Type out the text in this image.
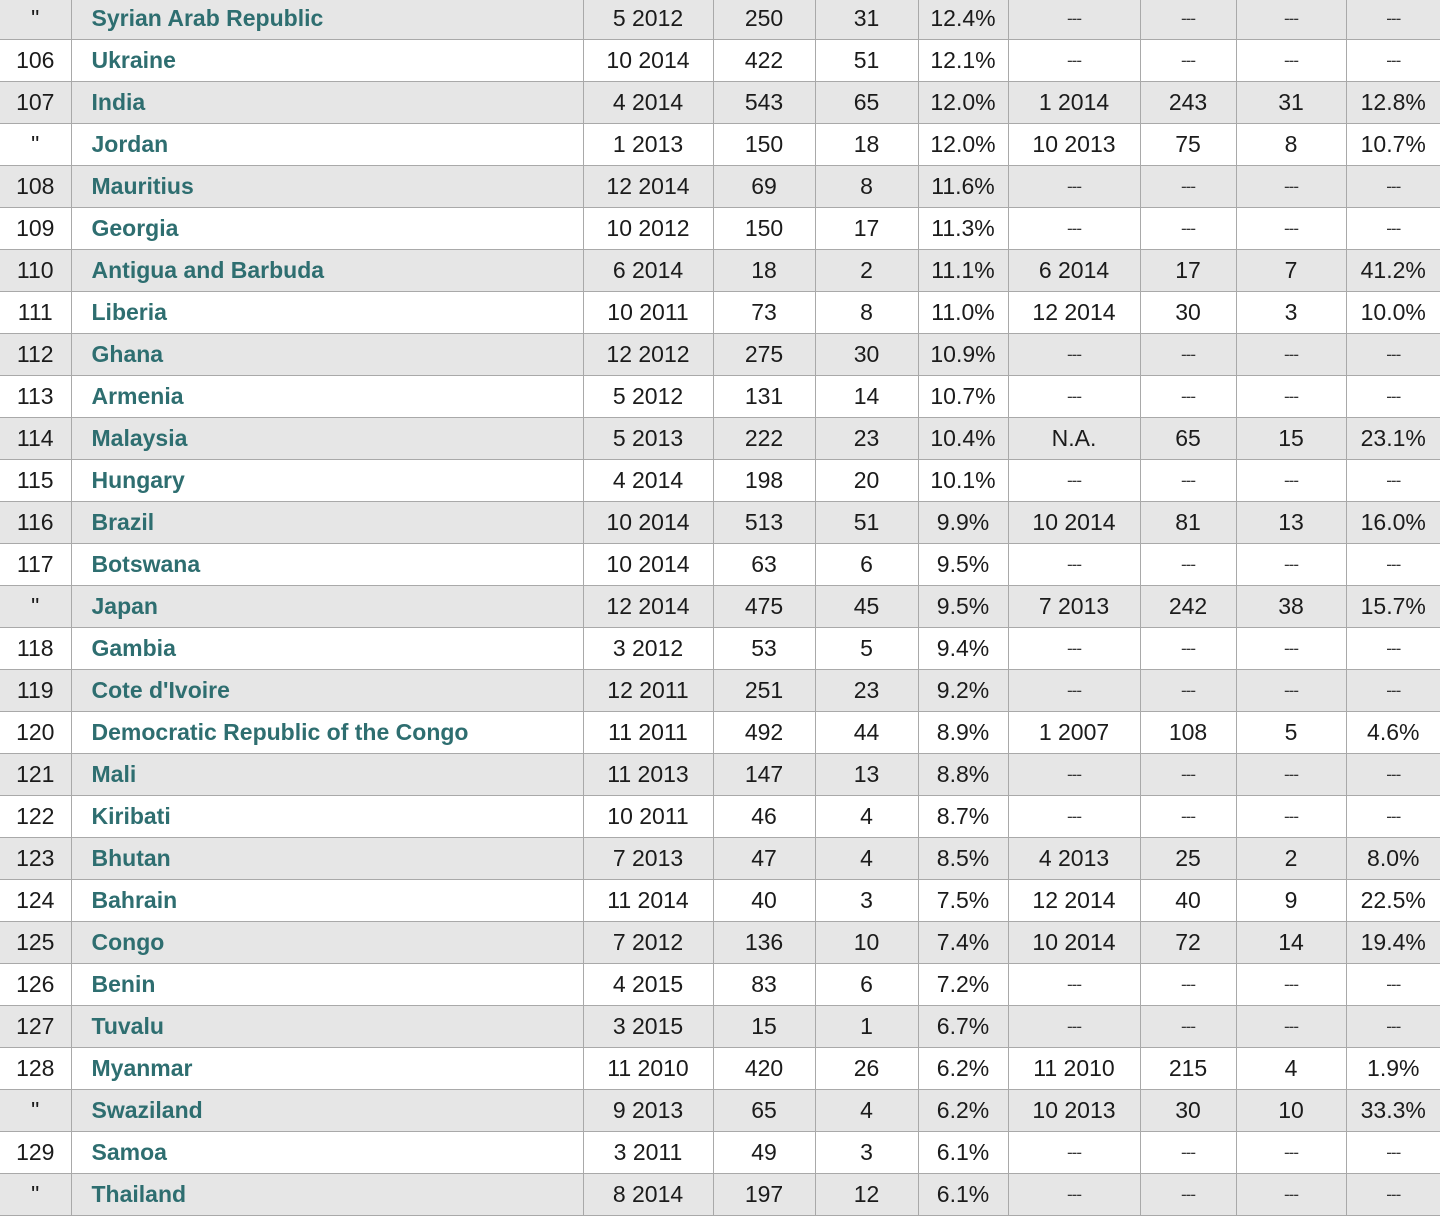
"	Syrian Arab Republic	5 2012	250	31	12.4%	---	---	---	---
106	Ukraine	10 2014	422	51	12.1%	---	---	---	---
107	India	4 2014	543	65	12.0%	1 2014	243	31	12.8%
"	Jordan	1 2013	150	18	12.0%	10 2013	75	8	10.7%
108	Mauritius	12 2014	69	8	11.6%	---	---	---	---
109	Georgia	10 2012	150	17	11.3%	---	---	---	---
110	Antigua and Barbuda	6 2014	18	2	11.1%	6 2014	17	7	41.2%
111	Liberia	10 2011	73	8	11.0%	12 2014	30	3	10.0%
112	Ghana	12 2012	275	30	10.9%	---	---	---	---
113	Armenia	5 2012	131	14	10.7%	---	---	---	---
114	Malaysia	5 2013	222	23	10.4%	N.A.	65	15	23.1%
115	Hungary	4 2014	198	20	10.1%	---	---	---	---
116	Brazil	10 2014	513	51	9.9%	10 2014	81	13	16.0%
117	Botswana	10 2014	63	6	9.5%	---	---	---	---
"	Japan	12 2014	475	45	9.5%	7 2013	242	38	15.7%
118	Gambia	3 2012	53	5	9.4%	---	---	---	---
119	Cote d'Ivoire	12 2011	251	23	9.2%	---	---	---	---
120	Democratic Republic of the Congo	11 2011	492	44	8.9%	1 2007	108	5	4.6%
121	Mali	11 2013	147	13	8.8%	---	---	---	---
122	Kiribati	10 2011	46	4	8.7%	---	---	---	---
123	Bhutan	7 2013	47	4	8.5%	4 2013	25	2	8.0%
124	Bahrain	11 2014	40	3	7.5%	12 2014	40	9	22.5%
125	Congo	7 2012	136	10	7.4%	10 2014	72	14	19.4%
126	Benin	4 2015	83	6	7.2%	---	---	---	---
127	Tuvalu	3 2015	15	1	6.7%	---	---	---	---
128	Myanmar	11 2010	420	26	6.2%	11 2010	215	4	1.9%
"	Swaziland	9 2013	65	4	6.2%	10 2013	30	10	33.3%
129	Samoa	3 2011	49	3	6.1%	---	---	---	---
"	Thailand	8 2014	197	12	6.1%	---	---	---	---
